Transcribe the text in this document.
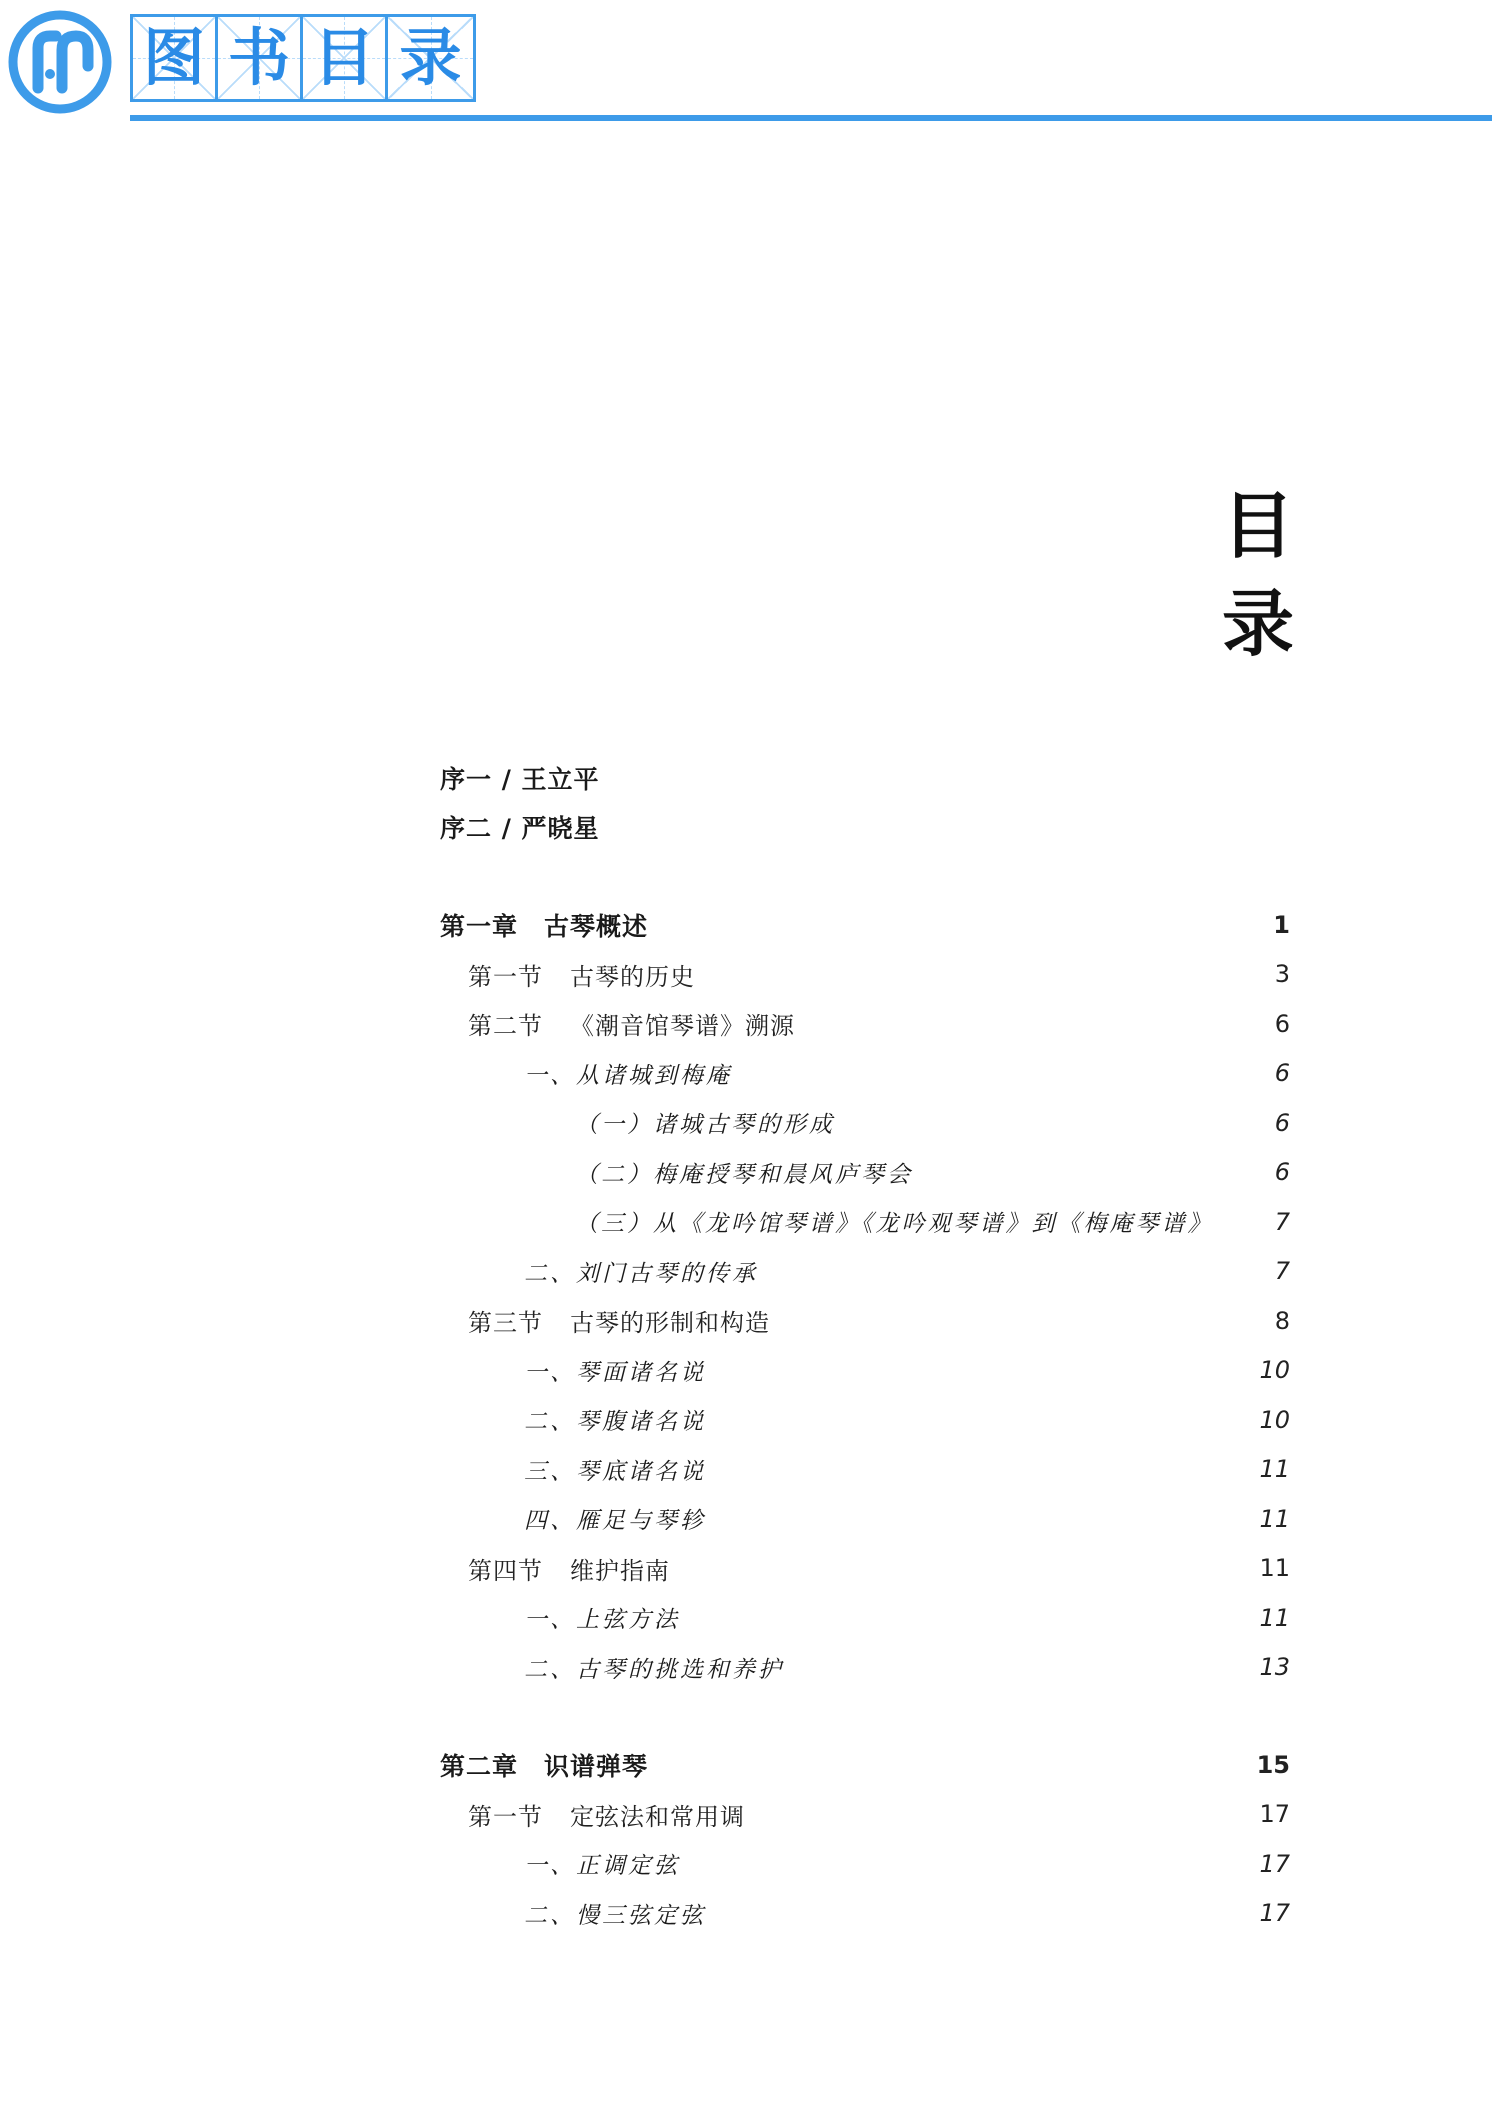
图 书 目 录
目
录
序一 / 王立平
序二 / 严晓星
第一章　 古琴概述	1
第一节	古琴的历史	3
第二节	《潮音馆琴谱》溯源	6
一、从诸城到梅庵	6
（一）诸城古琴的形成	6
（二）梅庵授琴和晨风庐琴会	6
（三）从《龙吟馆琴谱》《龙吟观琴谱》到《梅庵琴谱》	7
二、刘门古琴的传承	7
第三节	古琴的形制和构造	8
一、琴面诸名说	10
二、琴腹诸名说	10
三、琴底诸名说	11
四、雁足与琴轸	11
第四节	维护指南	11
一、上弦方法	11
二、古琴的挑选和养护	13
第二章　 识谱弹琴	15
第一节	定弦法和常用调	17
一、正调定弦	17
二、慢三弦定弦	17
